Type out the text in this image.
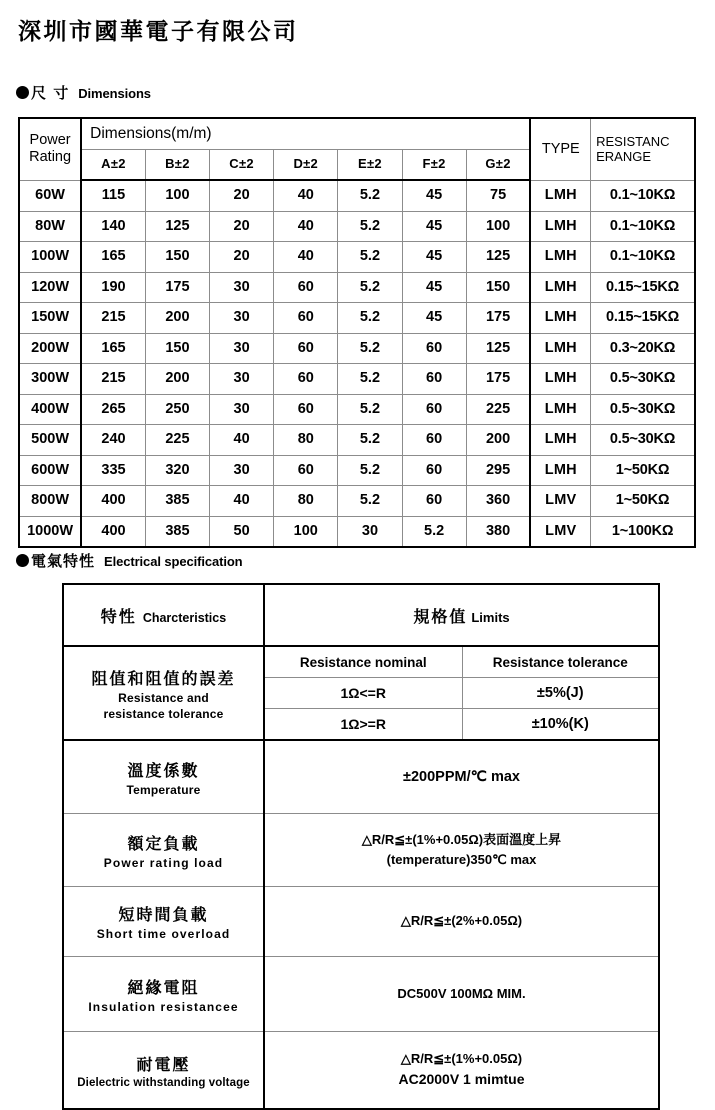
深圳市國華電子有限公司
尺 寸 Dimensions
Power
Rating	Dimensions(m/m)							TYPE	RESISTANC
ERANGE
	A±2	B±2	C±2	D±2	E±2	F±2	G±2		
60W	115	100	20	40	5.2	45	75	LMH	0.1~10KΩ
80W	140	125	20	40	5.2	45	100	LMH	0.1~10KΩ
100W	165	150	20	40	5.2	45	125	LMH	0.1~10KΩ
120W	190	175	30	60	5.2	45	150	LMH	0.15~15KΩ
150W	215	200	30	60	5.2	45	175	LMH	0.15~15KΩ
200W	165	150	30	60	5.2	60	125	LMH	0.3~20KΩ
300W	215	200	30	60	5.2	60	175	LMH	0.5~30KΩ
400W	265	250	30	60	5.2	60	225	LMH	0.5~30KΩ
500W	240	225	40	80	5.2	60	200	LMH	0.5~30KΩ
600W	335	320	30	60	5.2	60	295	LMH	1~50KΩ
800W	400	385	40	80	5.2	60	360	LMV	1~50KΩ
1000W	400	385	50	100	30	5.2	380	LMV	1~100KΩ
電氣特性 Electrical specification
特性 Charcteristics	規格值 Limits	

阻值和阻值的誤差
Resistance and
resistance tolerance	Resistance nominal	Resistance tolerance
	1Ω<=R	±5%(J)
	1Ω>=R	±10%(K)

溫度係數
Temperature	±200PPM/℃ max	

額定負載
Power rating load	△R/R≦±(1%+0.05Ω)表面溫度上昇
(temperature)350℃ max	

短時間負載
Short time overload	△R/R≦±(2%+0.05Ω)	

絕緣電阻
Insulation resistancee	DC500V 100MΩ MIM.	

耐電壓
Dielectric withstanding voltage	△R/R≦±(1%+0.05Ω)
AC2000V 1 mimtue	
